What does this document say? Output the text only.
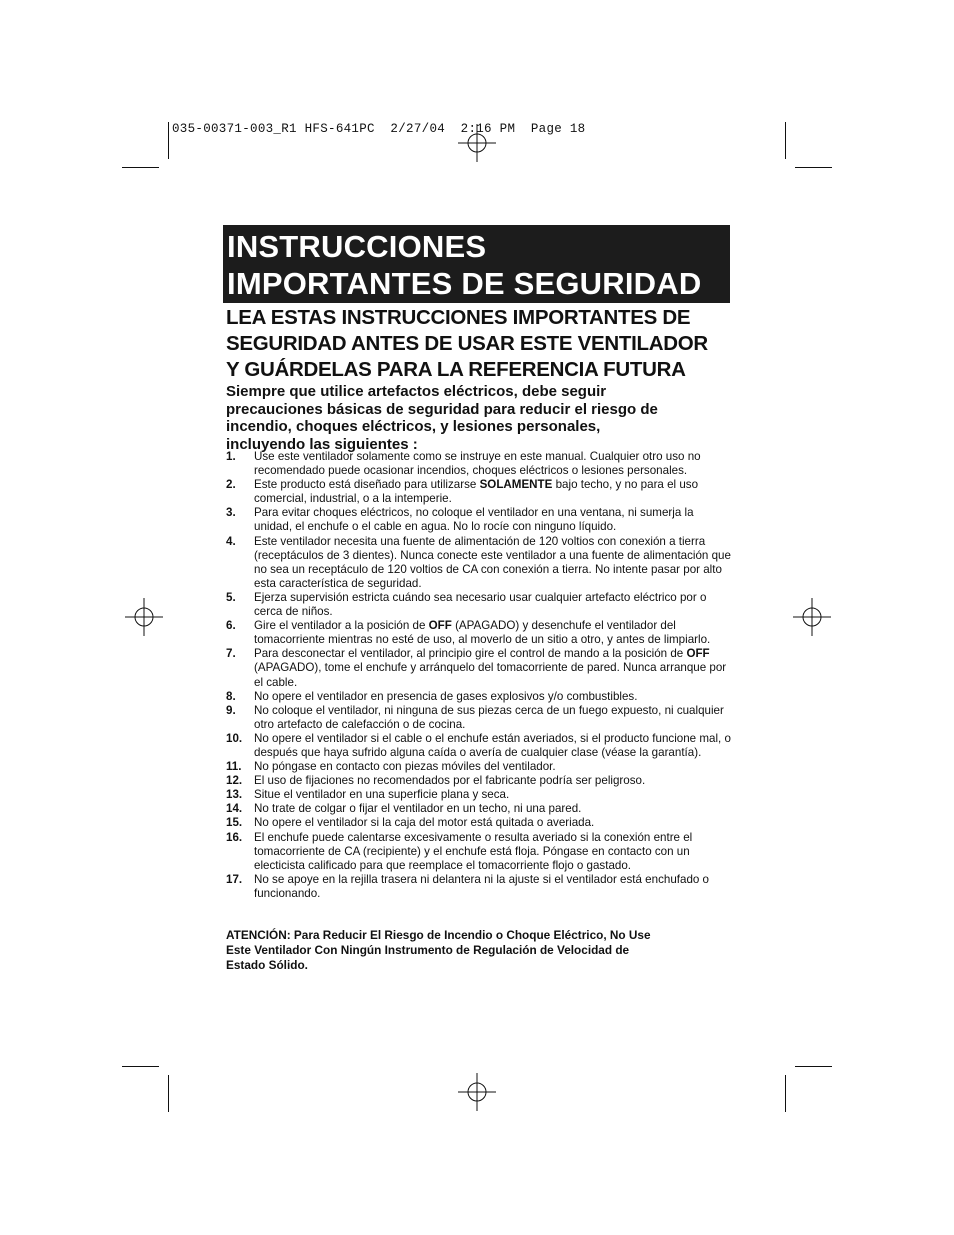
035-00371-003_R1 HFS-641PC  2/27/04  2:16 PM  Page 18
INSTRUCCIONES
IMPORTANTES DE SEGURIDAD
LEA ESTAS INSTRUCCIONES IMPORTANTES DE
SEGURIDAD ANTES DE USAR ESTE VENTILADOR
Y GUÁRDELAS PARA LA REFERENCIA FUTURA
Siempre que utilice artefactos eléctricos, debe seguir
precauciones básicas de seguridad para reducir el riesgo de
incendio, choques eléctricos, y lesiones personales,
incluyendo las siguientes :
1. Use este ventilador solamente como se instruye en este manual. Cualquier otro uso no recomendado puede ocasionar incendios, choques eléctricos o lesiones personales.
2. Este producto está diseñado para utilizarse SOLAMENTE bajo techo, y no para el uso comercial, industrial, o a la intemperie.
3. Para evitar choques eléctricos, no coloque el ventilador en una ventana, ni sumerja la unidad, el enchufe o el cable en agua. No lo rocíe con ninguno líquido.
4. Este ventilador necesita una fuente de alimentación de 120 voltios con conexión a tierra (receptáculos de 3 dientes). Nunca conecte este ventilador a una fuente de alimentación que no sea un receptáculo de 120 voltios de CA con conexión a tierra. No intente pasar por alto esta característica de seguridad.
5. Ejerza supervisión estricta cuándo sea necesario usar cualquier artefacto eléctrico por o cerca de niños.
6. Gire el ventilador a la posición de OFF (APAGADO) y desenchufe el ventilador del tomacorriente mientras no esté de uso, al moverlo de un sitio a otro, y antes de limpiarlo.
7. Para desconectar el ventilador, al principio gire el control de mando a la posición de OFF (APAGADO), tome el enchufe y arránquelo del tomacorriente de pared. Nunca arranque por el cable.
8. No opere el ventilador en presencia de gases explosivos y/o combustibles.
9. No coloque el ventilador, ni ninguna de sus piezas cerca de un fuego expuesto, ni cualquier otro artefacto de calefacción o de cocina.
10. No opere el ventilador si el cable o el enchufe están averiados, si el producto funcione mal, o después que haya sufrido alguna caída o avería de cualquier clase (véase la garantía).
11. No póngase en contacto con piezas móviles del ventilador.
12. El uso de fijaciones no recomendados por el fabricante podría ser peligroso.
13. Situe el ventilador en una superficie plana y seca.
14. No trate de colgar o fijar el ventilador en un techo, ni una pared.
15. No opere el ventilador si la caja del motor está quitada o averiada.
16. El enchufe puede calentarse excesivamente o resulta averiado si la conexión entre el tomacorriente de CA (recipiente) y el enchufe está floja. Póngase en contacto con un electicista calificado para que reemplace el tomacorriente flojo o gastado.
17. No se apoye en la rejilla trasera ni delantera ni la ajuste si el ventilador está enchufado o funcionando.
ATENCIÓN: Para Reducir El Riesgo de Incendio o Choque Eléctrico, No Use
Este Ventilador Con Ningún Instrumento de Regulación de Velocidad de
Estado Sólido.
